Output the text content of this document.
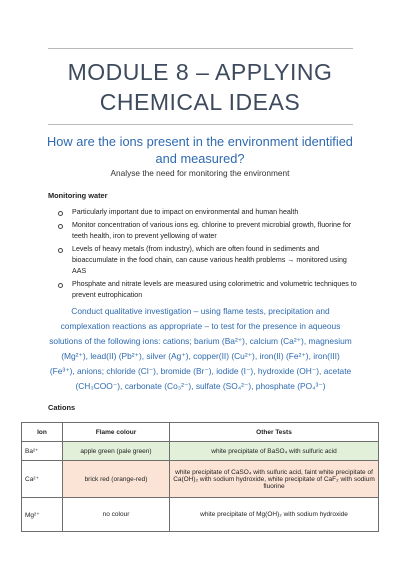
MODULE 8 – APPLYING
CHEMICAL IDEAS
How are the ions present in the environment identified and measured?
Analyse the need for monitoring the environment
Monitoring water
Particularly important due to impact on environmental and human health
Monitor concentration of various ions eg. chlorine to prevent microbial growth, fluorine for teeth health, iron to prevent yellowing of water
Levels of heavy metals (from industry), which are often found in sediments and bioaccumulate in the food chain, can cause various health problems → monitored using AAS
Phosphate and nitrate levels are measured using colorimetric and volumetric techniques to prevent eutrophication
Conduct qualitative investigation – using flame tests, precipitation and complexation reactions as appropriate – to test for the presence in aqueous solutions of the following ions: cations; barium (Ba²⁺), calcium (Ca²⁺), magnesium (Mg²⁺), lead(II) (Pb²⁺), silver (Ag⁺), copper(II) (Cu²⁺), iron(II) (Fe²⁺), iron(III) (Fe³⁺), anions; chloride (Cl⁻), bromide (Br⁻), iodide (I⁻), hydroxide (OH⁻), acetate (CH₃COO⁻), carbonate (Co₃²⁻), sulfate (SO₄²⁻), phosphate (PO₄³⁻)
Cations
Ion	Flame colour	Other Tests
Ba²⁺	apple green (pale green)	white precipitate of BaSO₄ with sulfuric acid
Ca²⁺	brick red (orange-red)	white precipitate of CaSO₄ with sulfuric acid, faint white precipitate of Ca(OH)₂ with sodium hydroxide, white precipitate of CaF₂ with sodium fluorine
Mg²⁺	no colour	white precipitate of Mg(OH)₂ with sodium hydroxide
